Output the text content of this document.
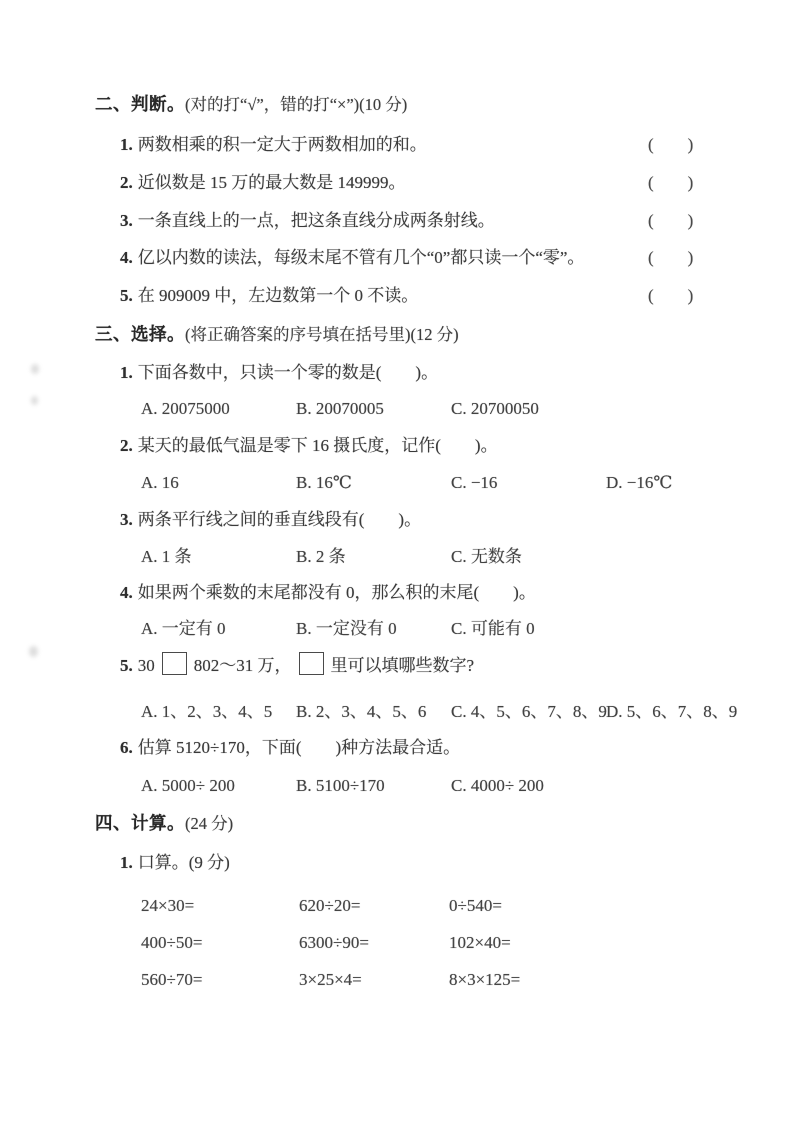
二、判断。(对的打“√”，错的打“×”)(10 分)
1. 两数相乘的积一定大于两数相加的和。	(　　)
2. 近似数是 15 万的最大数是 149999。	(　　)
3. 一条直线上的一点，把这条直线分成两条射线。	(　　)
4. 亿以内数的读法，每级末尾不管有几个“0”都只读一个“零”。	(　　)
5. 在 909009 中，左边数第一个 0 不读。	(　　)
三、选择。(将正确答案的序号填在括号里)(12 分)
1. 下面各数中，只读一个零的数是(　　)。
A. 20075000	B. 20070005	C. 20700050
2. 某天的最低气温是零下 16 摄氏度，记作(　　)。
A. 16	B. 16℃	C. −16	D. −16℃
3. 两条平行线之间的垂直线段有(　　)。
A. 1 条	B. 2 条	C. 无数条
4. 如果两个乘数的末尾都没有 0，那么积的末尾(　　)。
A. 一定有 0	B. 一定没有 0	C. 可能有 0
5. 30 802～31 万， 里可以填哪些数字?
A. 1、2、3、4、5	B. 2、3、4、5、6	C. 4、5、6、7、8、9 D. 5、6、7、8、9
6. 估算 5120÷170，下面(　　)种方法最合适。
A. 5000÷ 200	B. 5100÷170	C. 4000÷ 200
四、计算。(24 分)
1. 口算。(9 分)
24×30=	620÷20=	0÷540=
400÷50=	6300÷90=	102×40=
560÷70=	3×25×4=	8×3×125=
